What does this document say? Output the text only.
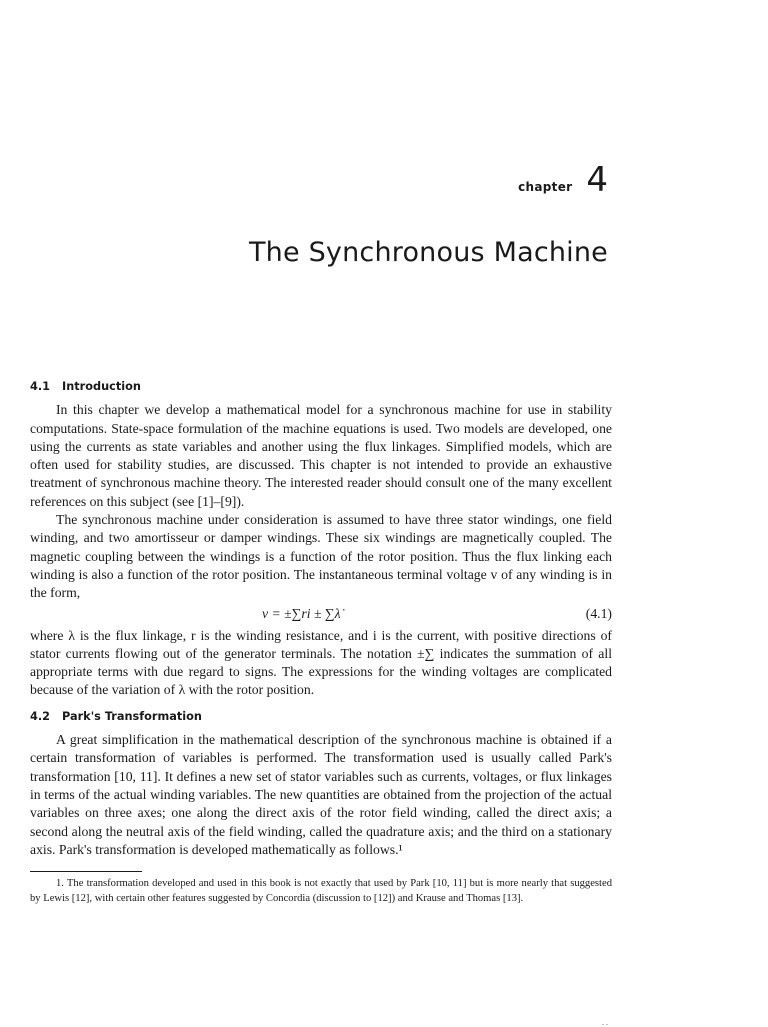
chapter 4
The Synchronous Machine
4.1 Introduction

In this chapter we develop a mathematical model for a synchronous machine for use in stability computations. State-space formulation of the machine equations is used. Two models are developed, one using the currents as state variables and another using the flux linkages. Simplified models, which are often used for stability studies, are discussed. This chapter is not intended to provide an exhaustive treatment of synchronous machine theory. The interested reader should consult one of the many excellent references on this subject (see [1]–[9]).

The synchronous machine under consideration is assumed to have three stator windings, one field winding, and two amortisseur or damper windings. These six windings are magnetically coupled. The magnetic coupling between the windings is a function of the rotor position. Thus the flux linking each winding is also a function of the rotor position. The instantaneous terminal voltage v of any winding is in the form,

v = ±∑ri ± ∑λ̇	(4.1)

where λ is the flux linkage, r is the winding resistance, and i is the current, with positive directions of stator currents flowing out of the generator terminals. The notation ±∑ indicates the summation of all appropriate terms with due regard to signs. The expressions for the winding voltages are complicated because of the variation of λ with the rotor position.

4.2 Park's Transformation

A great simplification in the mathematical description of the synchronous machine is obtained if a certain transformation of variables is performed. The transformation used is usually called Park's transformation [10, 11]. It defines a new set of stator variables such as currents, voltages, or flux linkages in terms of the actual winding variables. The new quantities are obtained from the projection of the actual variables on three axes; one along the direct axis of the rotor field winding, called the direct axis; a second along the neutral axis of the field winding, called the quadrature axis; and the third on a stationary axis. Park's transformation is developed mathematically as follows.¹

1. The transformation developed and used in this book is not exactly that used by Park [10, 11] but is more nearly that suggested by Lewis [12], with certain other features suggested by Concordia (discussion to [12]) and Krause and Thomas [13].
. .
